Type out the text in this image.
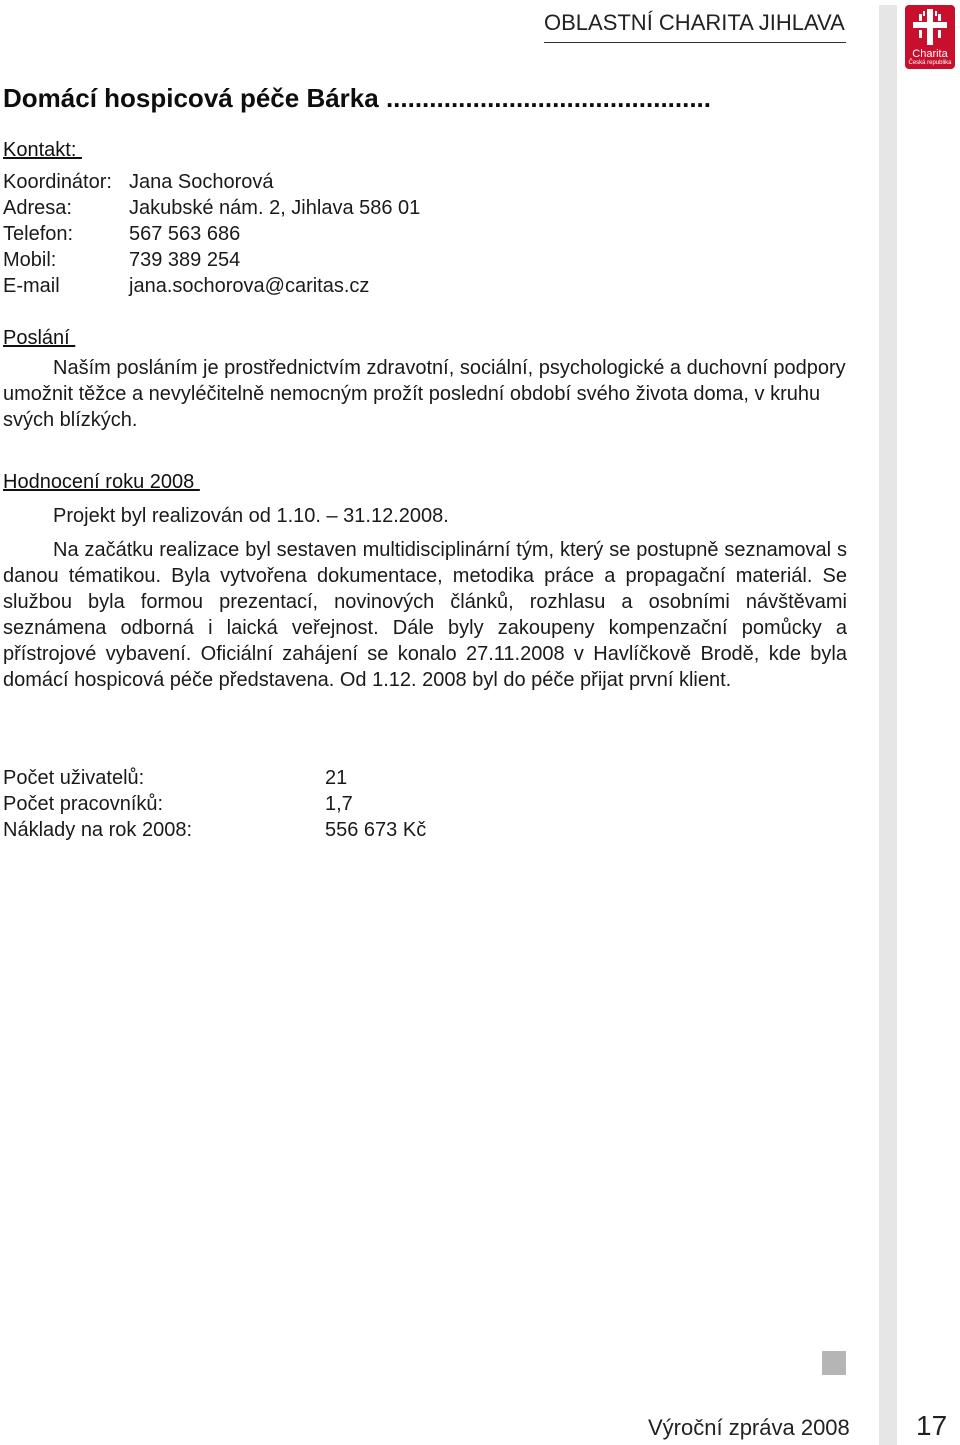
Charita
Česká republika
OBLASTNÍ CHARITA JIHLAVA
Domácí hospicová péče Bárka .............................................
Kontakt:
Koordinátor: Jana Sochorová
Adresa:	Jakubské nám. 2, Jihlava 586 01
Telefon:	567 563 686
Mobil:	739 389 254
E-mail	jana.sochorova@caritas.cz
Poslání

Naším posláním je prostřednictvím zdravotní, sociální, psychologické a duchovní podpory umožnit těžce a nevyléčitelně nemocným prožít poslední období svého života doma, v kruhu svých blízkých.

Hodnocení roku 2008
Projekt byl realizován od 1.10. – 31.12.2008.

Na začátku realizace byl sestaven multidisciplinární tým, který se postupně seznamoval s danou tématikou. Byla vytvořena dokumentace, metodika práce a propagační materiál. Se službou byla formou prezentací, novinových článků, rozhlasu a osobními návštěvami seznámena odborná i laická veřejnost. Dále byly zakoupeny kompenzační pomůcky a přístrojové vybavení. Oficiální zahájení se konalo 27.11.2008 v Havlíčkově Brodě, kde byla domácí hospicová péče představena. Od 1.12. 2008 byl do péče přijat první klient.

Počet uživatelů:	21
Počet pracovníků:	1,7
Náklady na rok 2008:	556 673 Kč
Výroční zpráva 2008 17
